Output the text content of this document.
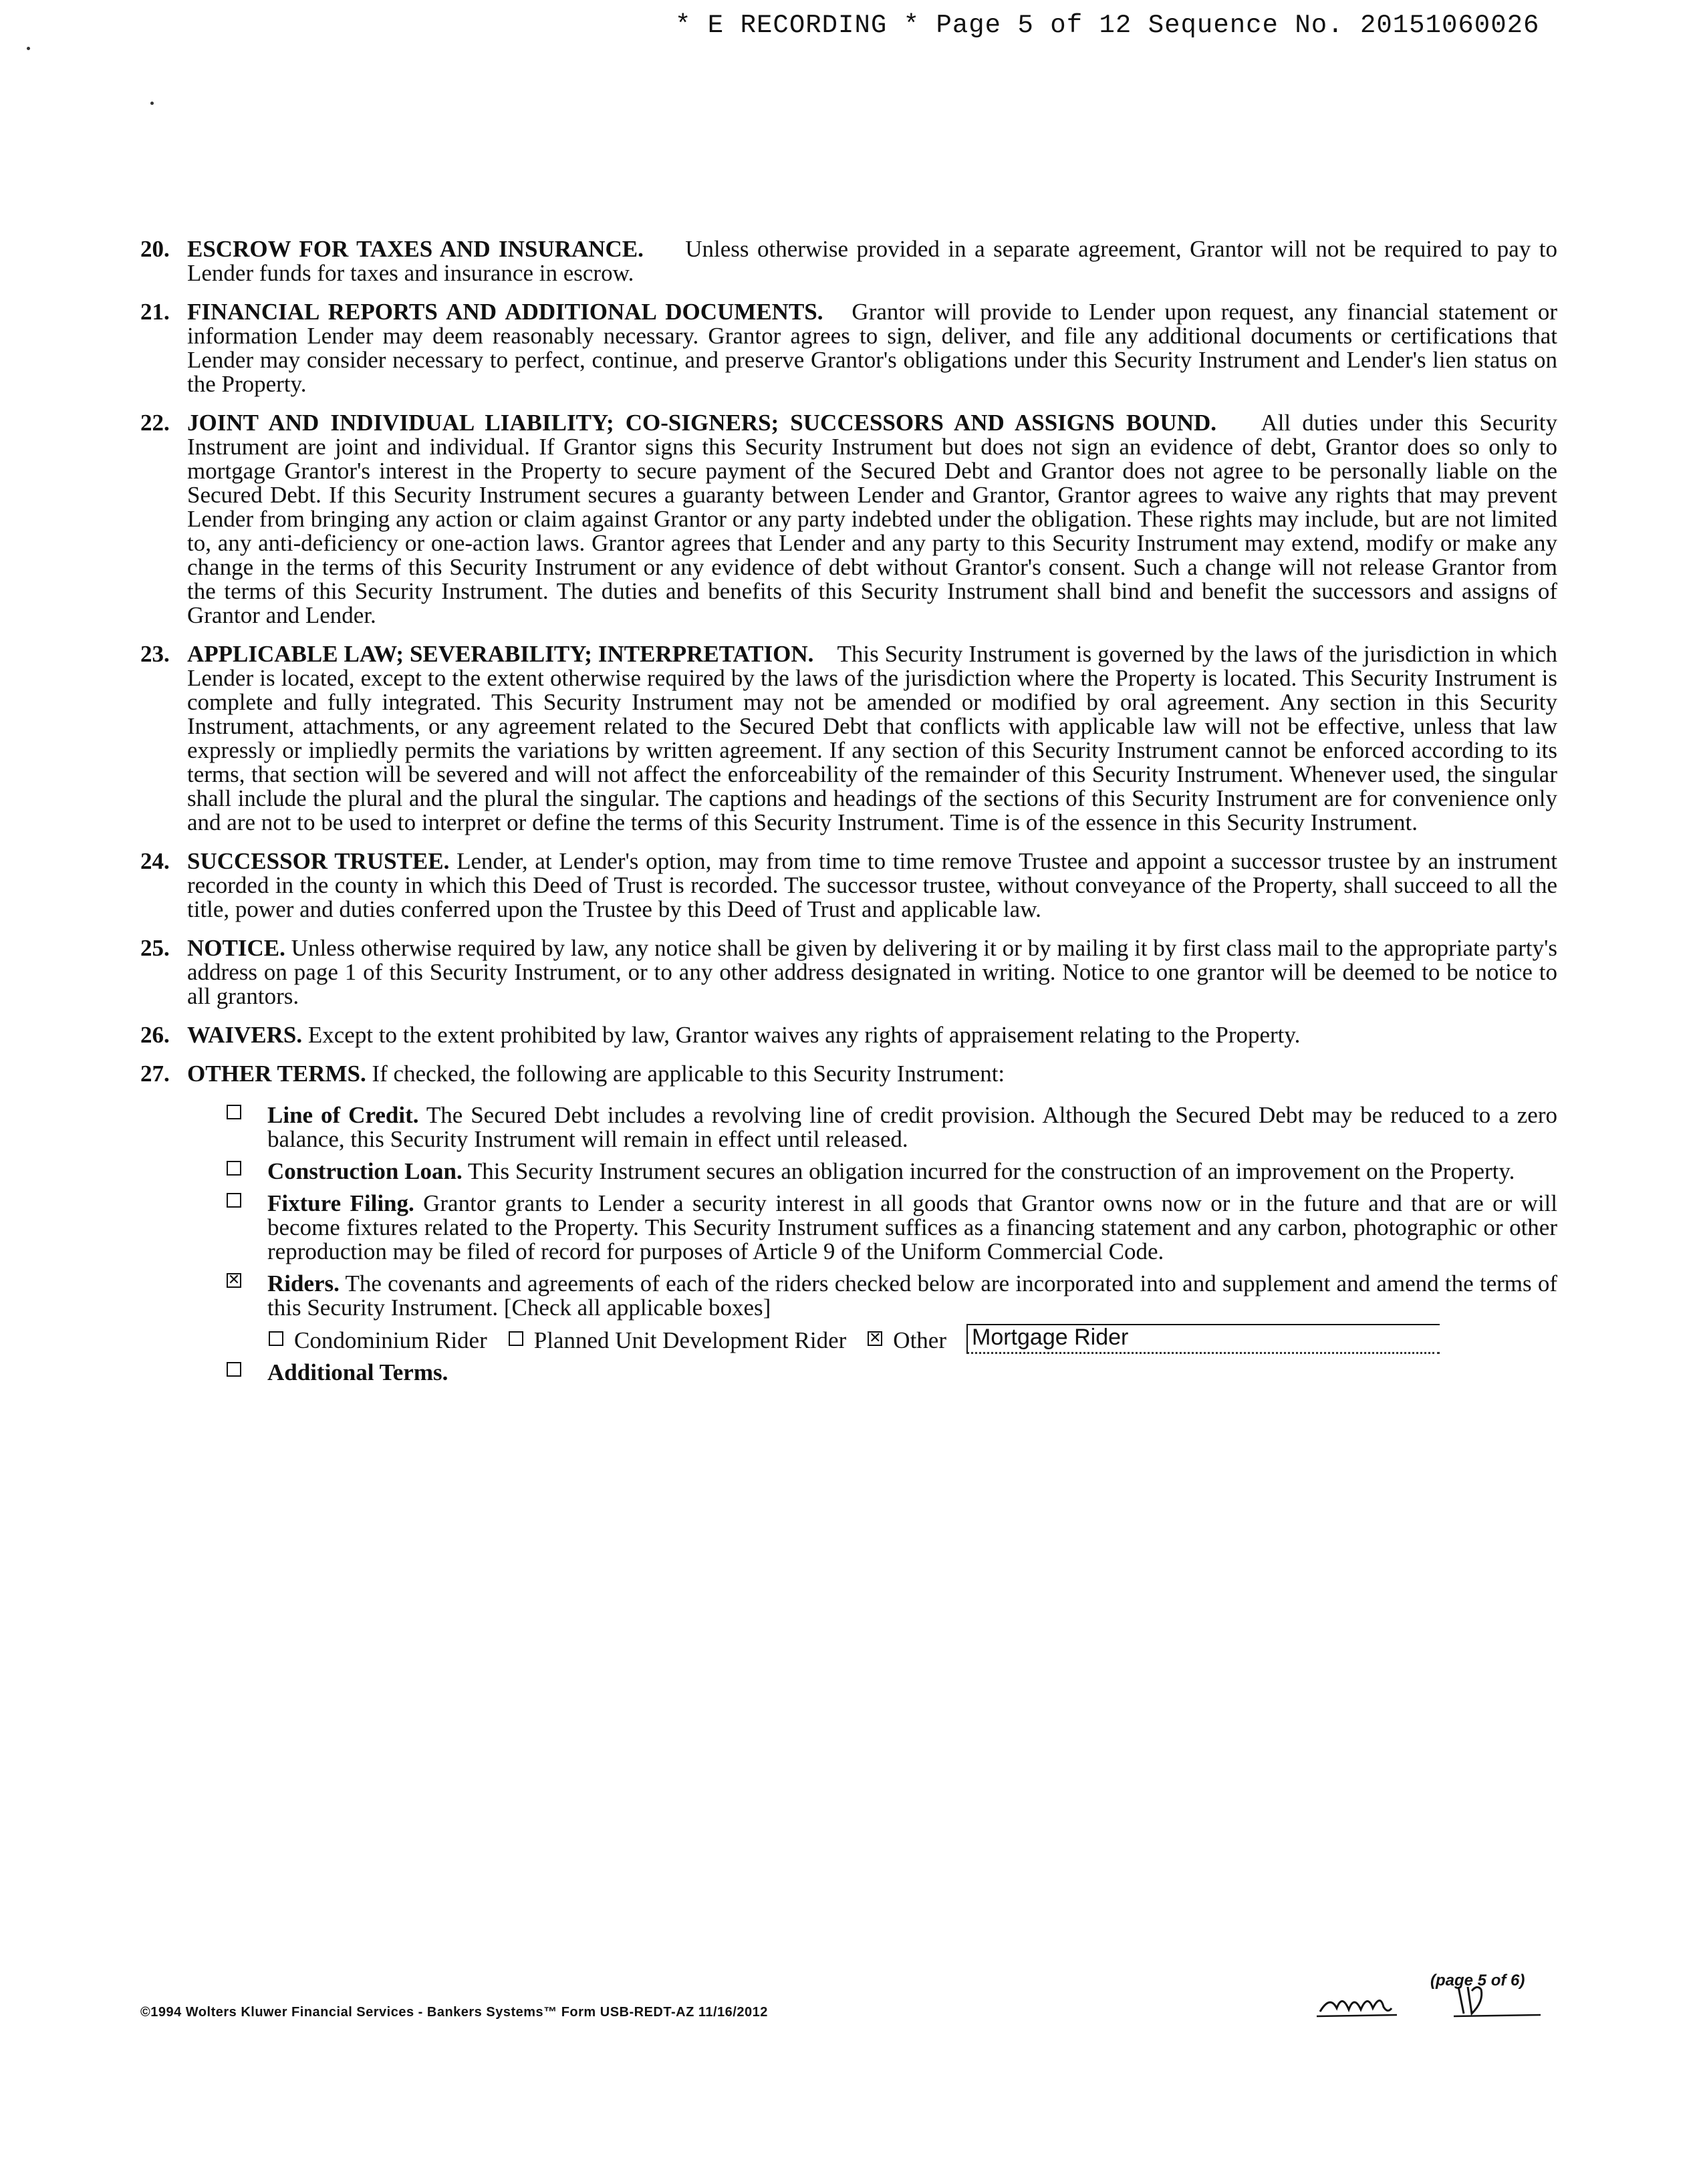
* E RECORDING * Page 5 of 12 Sequence No. 20151060026
20. ESCROW FOR TAXES AND INSURANCE. Unless otherwise provided in a separate agreement, Grantor will not be required to pay to Lender funds for taxes and insurance in escrow.
21. FINANCIAL REPORTS AND ADDITIONAL DOCUMENTS. Grantor will provide to Lender upon request, any financial statement or information Lender may deem reasonably necessary. Grantor agrees to sign, deliver, and file any additional documents or certifications that Lender may consider necessary to perfect, continue, and preserve Grantor's obligations under this Security Instrument and Lender's lien status on the Property.
22. JOINT AND INDIVIDUAL LIABILITY; CO-SIGNERS; SUCCESSORS AND ASSIGNS BOUND. All duties under this Security Instrument are joint and individual. If Grantor signs this Security Instrument but does not sign an evidence of debt, Grantor does so only to mortgage Grantor's interest in the Property to secure payment of the Secured Debt and Grantor does not agree to be personally liable on the Secured Debt. If this Security Instrument secures a guaranty between Lender and Grantor, Grantor agrees to waive any rights that may prevent Lender from bringing any action or claim against Grantor or any party indebted under the obligation. These rights may include, but are not limited to, any anti-deficiency or one-action laws. Grantor agrees that Lender and any party to this Security Instrument may extend, modify or make any change in the terms of this Security Instrument or any evidence of debt without Grantor's consent. Such a change will not release Grantor from the terms of this Security Instrument. The duties and benefits of this Security Instrument shall bind and benefit the successors and assigns of Grantor and Lender.
23. APPLICABLE LAW; SEVERABILITY; INTERPRETATION. This Security Instrument is governed by the laws of the jurisdiction in which Lender is located, except to the extent otherwise required by the laws of the jurisdiction where the Property is located. This Security Instrument is complete and fully integrated. This Security Instrument may not be amended or modified by oral agreement. Any section in this Security Instrument, attachments, or any agreement related to the Secured Debt that conflicts with applicable law will not be effective, unless that law expressly or impliedly permits the variations by written agreement. If any section of this Security Instrument cannot be enforced according to its terms, that section will be severed and will not affect the enforceability of the remainder of this Security Instrument. Whenever used, the singular shall include the plural and the plural the singular. The captions and headings of the sections of this Security Instrument are for convenience only and are not to be used to interpret or define the terms of this Security Instrument. Time is of the essence in this Security Instrument.
24. SUCCESSOR TRUSTEE. Lender, at Lender's option, may from time to time remove Trustee and appoint a successor trustee by an instrument recorded in the county in which this Deed of Trust is recorded. The successor trustee, without conveyance of the Property, shall succeed to all the title, power and duties conferred upon the Trustee by this Deed of Trust and applicable law.
25. NOTICE. Unless otherwise required by law, any notice shall be given by delivering it or by mailing it by first class mail to the appropriate party's address on page 1 of this Security Instrument, or to any other address designated in writing. Notice to one grantor will be deemed to be notice to all grantors.
26. WAIVERS. Except to the extent prohibited by law, Grantor waives any rights of appraisement relating to the Property.
27. OTHER TERMS. If checked, the following are applicable to this Security Instrument:
Line of Credit. The Secured Debt includes a revolving line of credit provision. Although the Secured Debt may be reduced to a zero balance, this Security Instrument will remain in effect until released.
Construction Loan. This Security Instrument secures an obligation incurred for the construction of an improvement on the Property.
Fixture Filing. Grantor grants to Lender a security interest in all goods that Grantor owns now or in the future and that are or will become fixtures related to the Property. This Security Instrument suffices as a financing statement and any carbon, photographic or other reproduction may be filed of record for purposes of Article 9 of the Uniform Commercial Code.
✕
Riders. The covenants and agreements of each of the riders checked below are incorporated into and supplement and amend the terms of this Security Instrument. [Check all applicable boxes]
Condominium Rider	Planned Unit Development Rider
✕	Other Mortgage Rider
Additional Terms.
©1994 Wolters Kluwer Financial Services - Bankers Systems™ Form USB-REDT-AZ 11/16/2012
(page 5 of 6)
